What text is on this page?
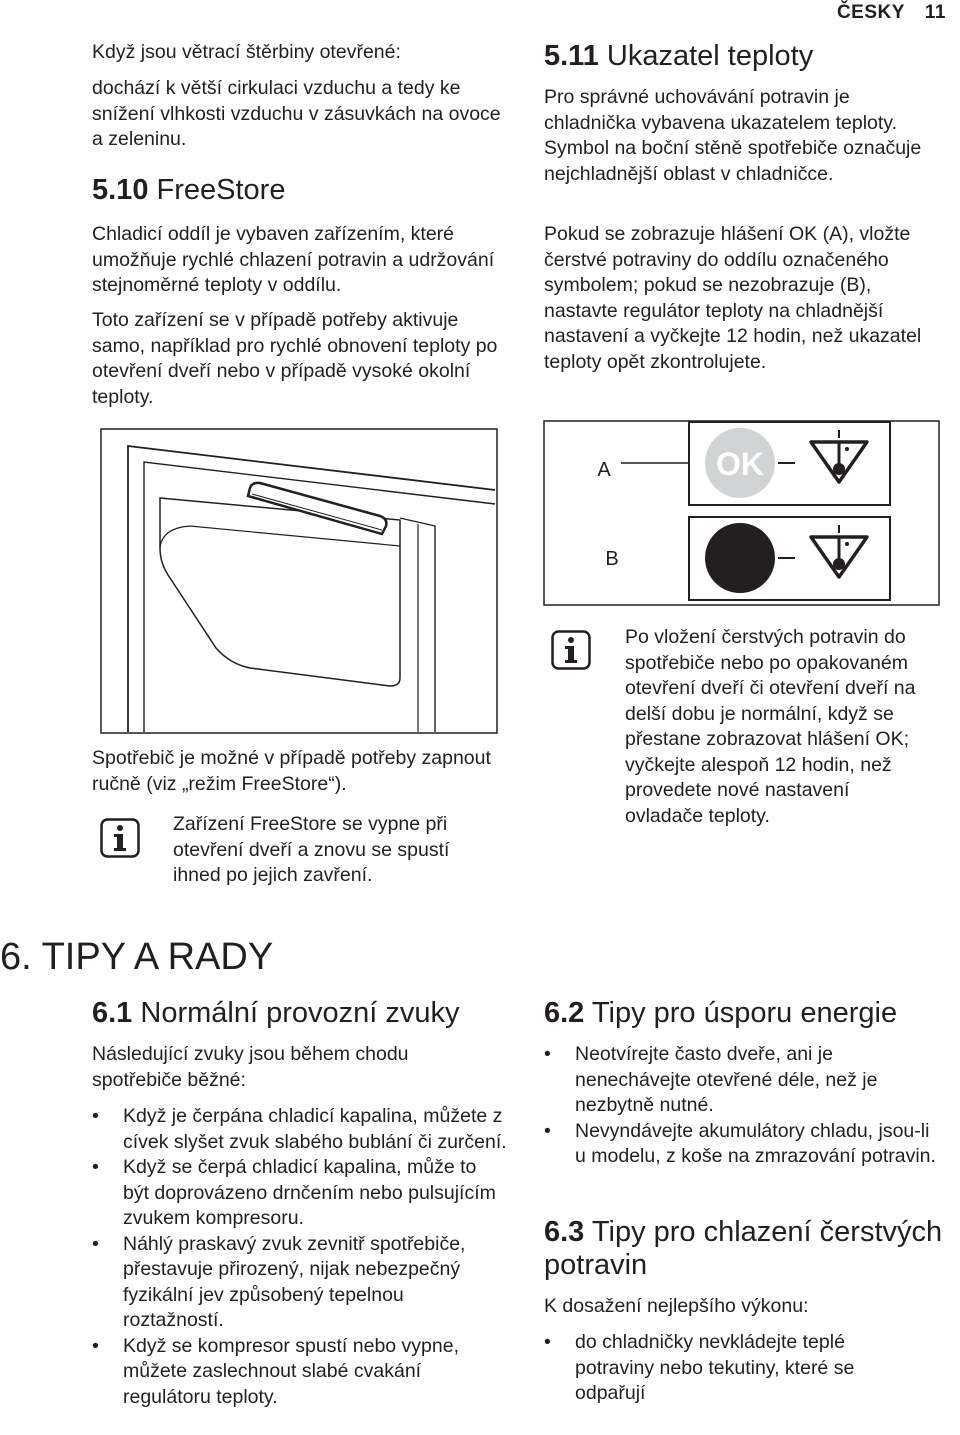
ČESKY 11

Když jsou větrací štěrbiny otevřené:

dochází k větší cirkulaci vzduchu a tedy ke snížení vlhkosti vzduchu v zásuvkách na ovoce a zeleninu.

5.10 FreeStore

Chladicí oddíl je vybaven zařízením, které umožňuje rychlé chlazení potravin a udržování stejnoměrné teploty v oddílu.

Toto zařízení se v případě potřeby aktivuje samo, například pro rychlé obnovení teploty po otevření dveří nebo v případě vysoké okolní teploty.

Spotřebič je možné v případě potřeby zapnout ručně (viz „režim FreeStore“).

Zařízení FreeStore se vypne při otevření dveří a znovu se spustí ihned po jejich zavření.

5.11 Ukazatel teploty

Pro správné uchovávání potravin je chladnička vybavena ukazatelem teploty. Symbol na boční stěně spotřebiče označuje nejchladnější oblast v chladničce.

Pokud se zobrazuje hlášení OK (A), vložte čerstvé potraviny do oddílu označeného symbolem; pokud se nezobrazuje (B), nastavte regulátor teploty na chladnější nastavení a vyčkejte 12 hodin, než ukazatel teploty opět zkontrolujete.

OK
A
B

Po vložení čerstvých potravin do spotřebiče nebo po opakovaném otevření dveří či otevření dveří na delší dobu je normální, když se přestane zobrazovat hlášení OK; vyčkejte alespoň 12 hodin, než provedete nové nastavení ovladače teploty.

6. TIPY A RADY
6.1 Normální provozní zvuky

Následující zvuky jsou během chodu spotřebiče běžné:

• Když je čerpána chladicí kapalina, můžete z cívek slyšet zvuk slabého bublání či zurčení.
• Když se čerpá chladicí kapalina, může to být doprovázeno drnčením nebo pulsujícím zvukem kompresoru.
• Náhlý praskavý zvuk zevnitř spotřebiče, přestavuje přirozený, nijak nebezpečný fyzikální jev způsobený tepelnou roztažností.
• Když se kompresor spustí nebo vypne, můžete zaslechnout slabé cvakání regulátoru teploty.
6.2 Tipy pro úsporu energie
• Neotvírejte často dveře, ani je nenechávejte otevřené déle, než je nezbytně nutné.
• Nevyndávejte akumulátory chladu, jsou-li u modelu, z koše na zmrazování potravin.
6.3 Tipy pro chlazení čerstvých potravin

K dosažení nejlepšího výkonu:

• do chladničky nevkládejte teplé potraviny nebo tekutiny, které se odpařují
